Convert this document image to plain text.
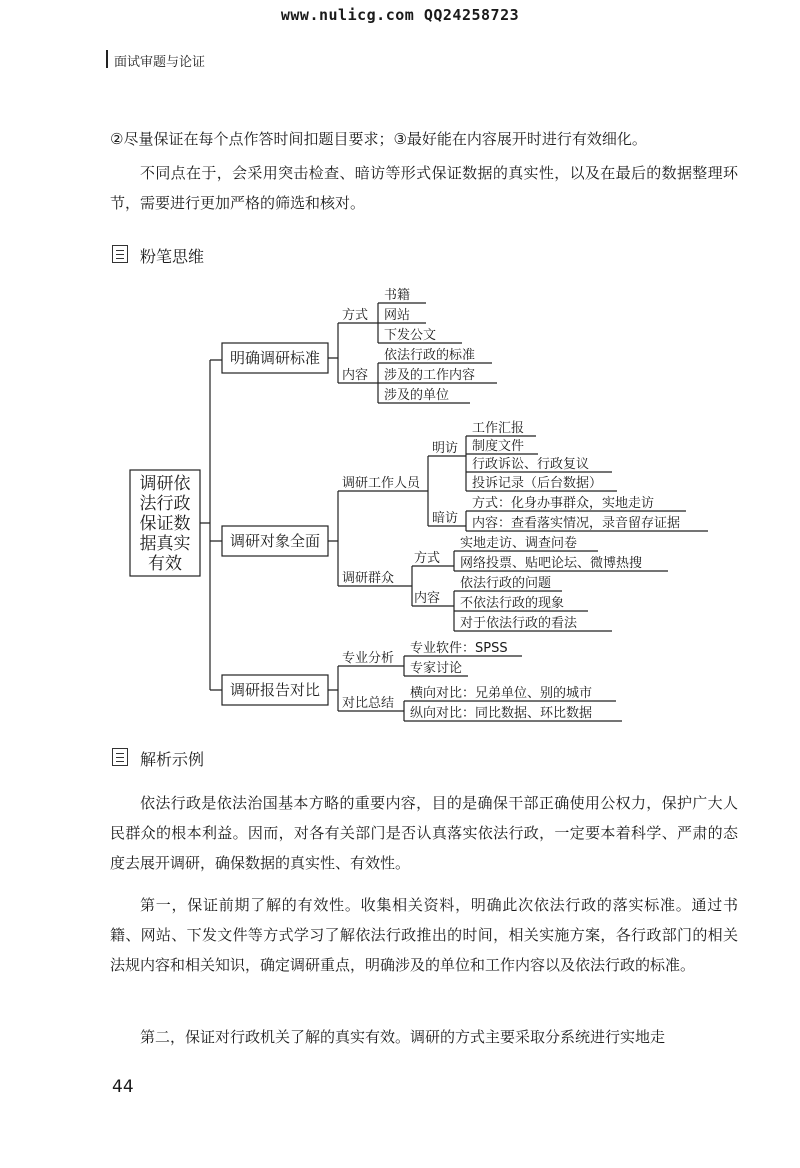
www.nulicg.com QQ24258723
面试审题与论证
②尽量保证在每个点作答时间扣题目要求；③最好能在内容展开时进行有效细化。
不同点在于，会采用突击检查、暗访等形式保证数据的真实性，以及在最后的数据整理环节，需要进行更加严格的筛选和核对。
粉笔思维
调研依
法行政
保证数
据真实
有效
明确调研标准
调研对象全面
调研报告对比
方式
内容
书籍
网站
下发公文
依法行政的标准
涉及的工作内容
涉及的单位
调研工作人员
明访
暗访
工作汇报
制度文件
行政诉讼、行政复议
投诉记录（后台数据）
方式：化身办事群众，实地走访
内容：查看落实情况，录音留存证据
调研群众
方式
内容
实地走访、调查问卷
网络投票、贴吧论坛、微博热搜
依法行政的问题
不依法行政的现象
对于依法行政的看法
专业分析
对比总结
专业软件：SPSS
专家讨论
横向对比：兄弟单位、别的城市
纵向对比：同比数据、环比数据
解析示例
依法行政是依法治国基本方略的重要内容，目的是确保干部正确使用公权力，保护广大人民群众的根本利益。因而，对各有关部门是否认真落实依法行政，一定要本着科学、严肃的态度去展开调研，确保数据的真实性、有效性。
第一，保证前期了解的有效性。收集相关资料，明确此次依法行政的落实标准。通过书籍、网站、下发文件等方式学习了解依法行政推出的时间，相关实施方案，各行政部门的相关法规内容和相关知识，确定调研重点，明确涉及的单位和工作内容以及依法行政的标准。
第二，保证对行政机关了解的真实有效。调研的方式主要采取分系统进行实地走
44
